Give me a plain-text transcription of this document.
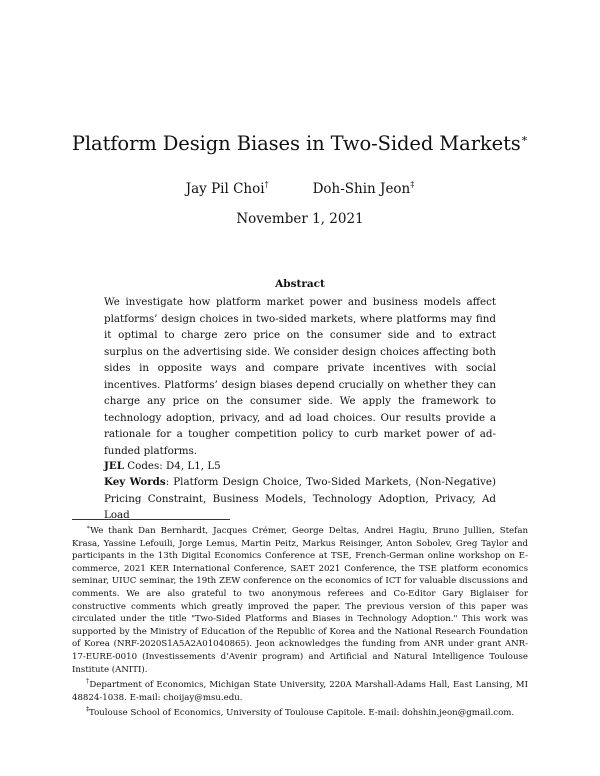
Platform Design Biases in Two-Sided Markets∗
Jay Pil Choi†	Doh-Shin Jeon‡
November 1, 2021
Abstract
We investigate how platform market power and business models affect platforms’ design choices in two-sided markets, where platforms may find it optimal to charge zero price on the consumer side and to extract surplus on the advertising side. We consider design choices affecting both sides in opposite ways and compare private incentives with social incentives. Platforms’ design biases depend crucially on whether they can charge any price on the consumer side. We apply the framework to technology adoption, privacy, and ad load choices. Our results provide a rationale for a tougher competition policy to curb market power of ad-funded platforms.
JEL Codes: D4, L1, L5
Key Words: Platform Design Choice, Two-Sided Markets, (Non-Negative) Pricing Constraint, Business Models, Technology Adoption, Privacy, Ad Load

∗We thank Dan Bernhardt, Jacques Crémer, George Deltas, Andrei Hagiu, Bruno Jullien, Stefan Krasa, Yassine Lefouili, Jorge Lemus, Martin Peitz, Markus Reisinger, Anton Sobolev, Greg Taylor and participants in the 13th Digital Economics Conference at TSE, French-German online workshop on E-commerce, 2021 KER International Conference, SAET 2021 Conference, the TSE platform economics seminar, UIUC seminar, the 19th ZEW conference on the economics of ICT for valuable discussions and comments. We are also grateful to two anonymous referees and Co-Editor Gary Biglaiser for constructive comments which greatly improved the paper. The previous version of this paper was circulated under the title "Two-Sided Platforms and Biases in Technology Adoption." This work was supported by the Ministry of Education of the Republic of Korea and the National Research Foundation of Korea (NRF-2020S1A5A2A01040865). Jeon acknowledges the funding from ANR under grant ANR-17-EURE-0010 (Investissements d’Avenir program) and Artificial and Natural Intelligence Toulouse Institute (ANITI).

†Department of Economics, Michigan State University, 220A Marshall-Adams Hall, East Lansing, MI 48824-1038. E-mail: choijay@msu.edu.

‡Toulouse School of Economics, University of Toulouse Capitole. E-mail: dohshin.jeon@gmail.com.
